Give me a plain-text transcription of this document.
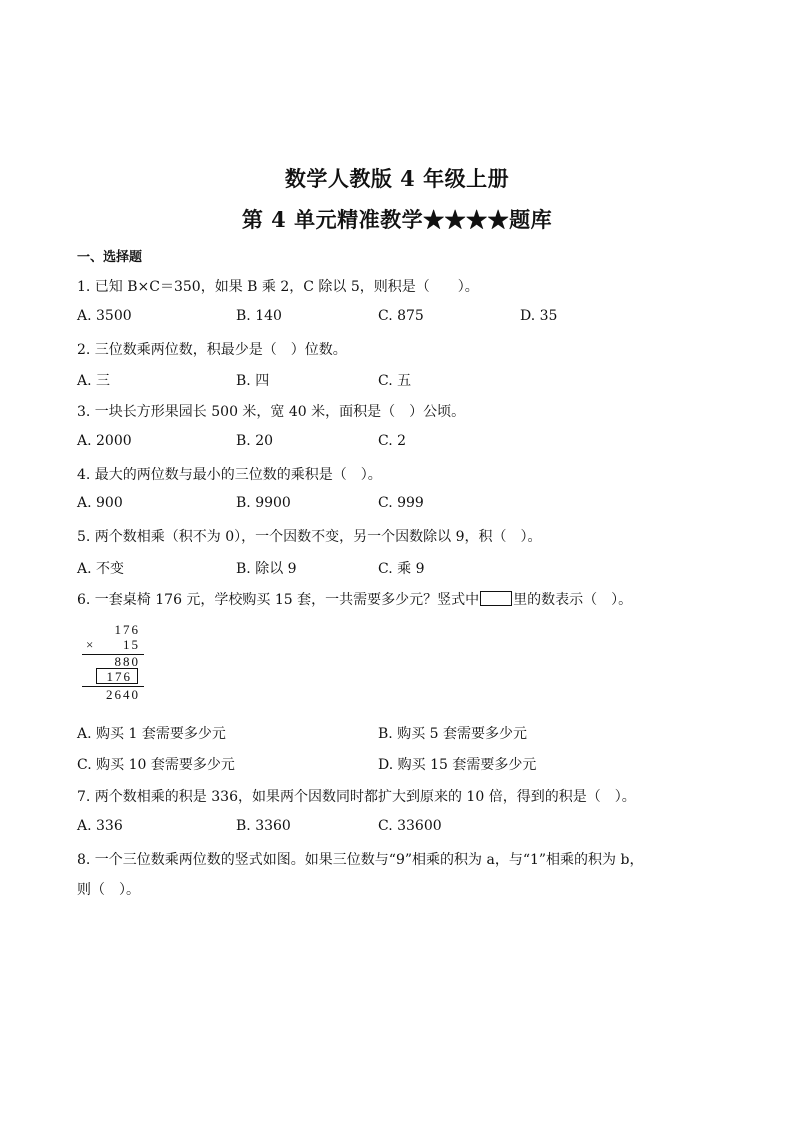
数学人教版 4 年级上册
第 4 单元精准教学★★★★题库
一、选择题
1. 已知 B×C＝350，如果 B 乘 2，C 除以 5，则积是（　　）。
A. 3500	B. 140	C. 875	D. 35
2. 三位数乘两位数，积最少是（　）位数。
A. 三	B. 四	C. 五
3. 一块长方形果园长 500 米，宽 40 米，面积是（　）公顷。
A. 2000	B. 20	C. 2
4. 最大的两位数与最小的三位数的乘积是（　）。
A. 900	B. 9900	C. 999
5. 两个数相乘（积不为 0），一个因数不变，另一个因数除以 9，积（　）。
A. 不变	B. 除以 9	C. 乘 9
6. 一套桌椅 176 元，学校购买 15 套，一共需要多少元？竖式中 里的数表示（　）。
176
× 15
880
176
2640
A. 购买 1 套需要多少元	B. 购买 5 套需要多少元
C. 购买 10 套需要多少元	D. 购买 15 套需要多少元
7. 两个数相乘的积是 336，如果两个因数同时都扩大到原来的 10 倍，得到的积是（　）。
A. 336	B. 3360	C. 33600
8. 一个三位数乘两位数的竖式如图。如果三位数与“9”相乘的积为 a，与“1”相乘的积为 b，
则（　）。
